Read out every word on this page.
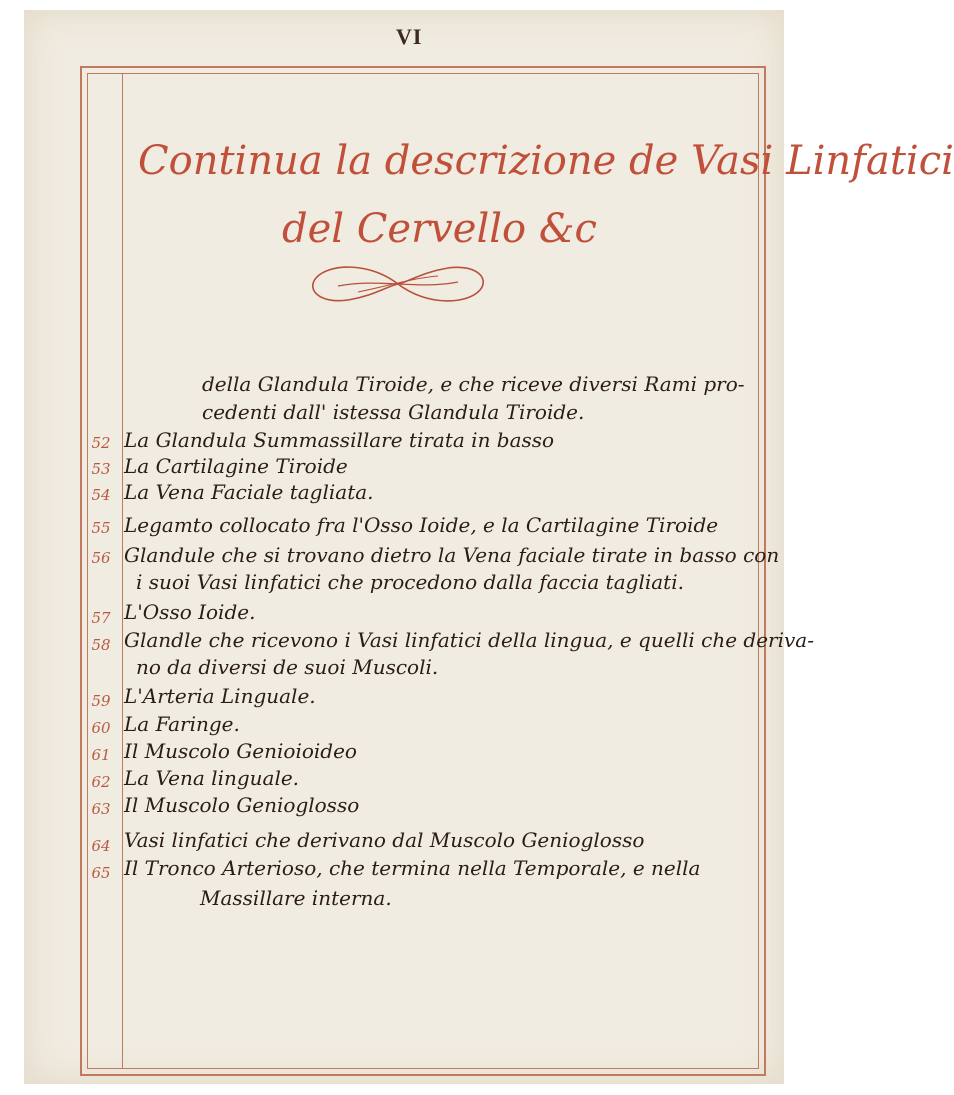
VI
Continua la descrizione de Vasi Linfatici
del Cervello &c
della Glandula Tiroide, e che riceve diversi Rami pro-
cedenti dall' istessa Glandula Tiroide.
52 La Glandula Summassillare tirata in basso
53 La Cartilagine Tiroide
54 La Vena Faciale tagliata.
55 Legamto collocato fra l'Osso Ioide, e la Cartilagine Tiroide
56 Glandule che si trovano dietro la Vena faciale tirate in basso con
i suoi Vasi linfatici che procedono dalla faccia tagliati.
57 L'Osso Ioide.
58 Glandle che ricevono i Vasi linfatici della lingua, e quelli che deriva-
no da diversi de suoi Muscoli.
59 L'Arteria Linguale.
60 La Faringe.
61 Il Muscolo Genioioideo
62 La Vena linguale.
63 Il Muscolo Genioglosso
64 Vasi linfatici che derivano dal Muscolo Genioglosso
65 Il Tronco Arterioso, che termina nella Temporale, e nella
Massillare interna.
